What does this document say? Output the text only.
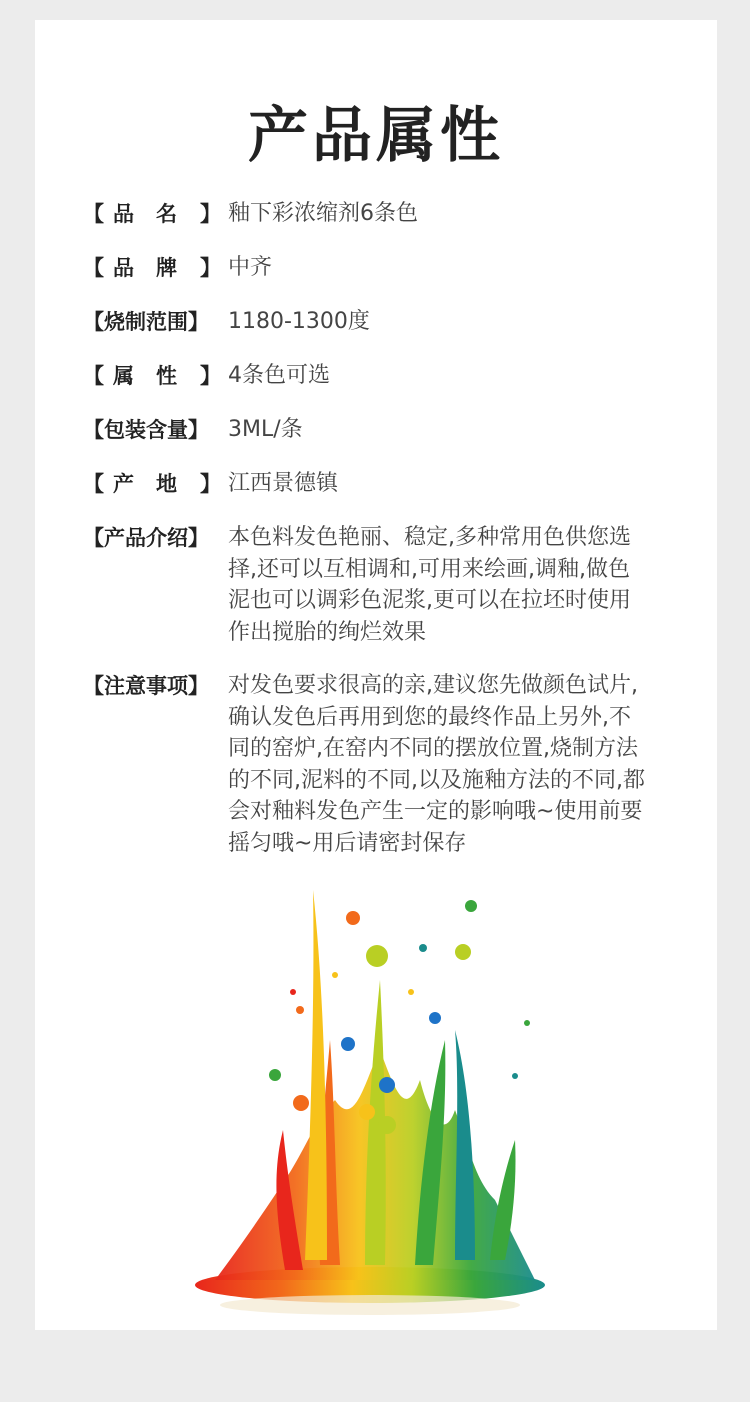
产品属性
【 品名】 釉下彩浓缩剂6条色
【 品牌】 中齐
【烧制范围】 1180-1300度
【 属性】 4条色可选
【包装含量】 3ML/条
【 产地】 江西景德镇
【产品介绍】 本色料发色艳丽、稳定,多种常用色供您选
择,还可以互相调和,可用来绘画,调釉,做色
泥也可以调彩色泥浆,更可以在拉坯时使用
作出搅胎的绚烂效果
【注意事项】 对发色要求很高的亲,建议您先做颜色试片,
确认发色后再用到您的最终作品上另外,不
同的窑炉,在窑内不同的摆放位置,烧制方法
的不同,泥料的不同,以及施釉方法的不同,都
会对釉料发色产生一定的影响哦~使用前要
摇匀哦~用后请密封保存
